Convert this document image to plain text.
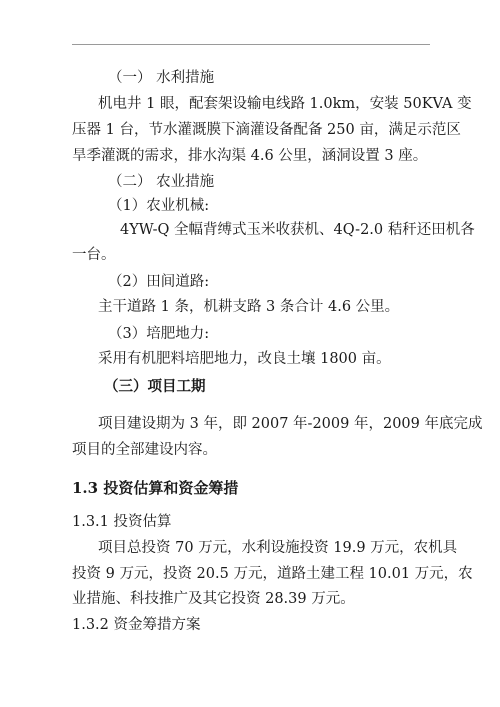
（一） 水利措施
机电井 1 眼，配套架设输电线路 1.0km，安装 50KVA 变
压器 1 台，节水灌溉膜下滴灌设备配备 250 亩，满足示范区
旱季灌溉的需求，排水沟渠 4.6 公里，涵洞设置 3 座。
（二） 农业措施
（1）农业机械:
4YW-Q 全幅背缚式玉米收获机、4Q-2.0 秸秆还田机各
一台。
（2）田间道路:
主干道路 1 条，机耕支路 3 条合计 4.6 公里。
（3）培肥地力:
采用有机肥料培肥地力，改良土壤 1800 亩。
（三）项目工期
项目建设期为 3 年，即 2007 年-2009 年，2009 年底完成
项目的全部建设内容。
1.3 投资估算和资金筹措
1.3.1 投资估算
项目总投资 70 万元，水利设施投资 19.9 万元，农机具
投资 9 万元，投资 20.5 万元，道路土建工程 10.01 万元，农
业措施、科技推广及其它投资 28.39 万元。
1.3.2 资金筹措方案
